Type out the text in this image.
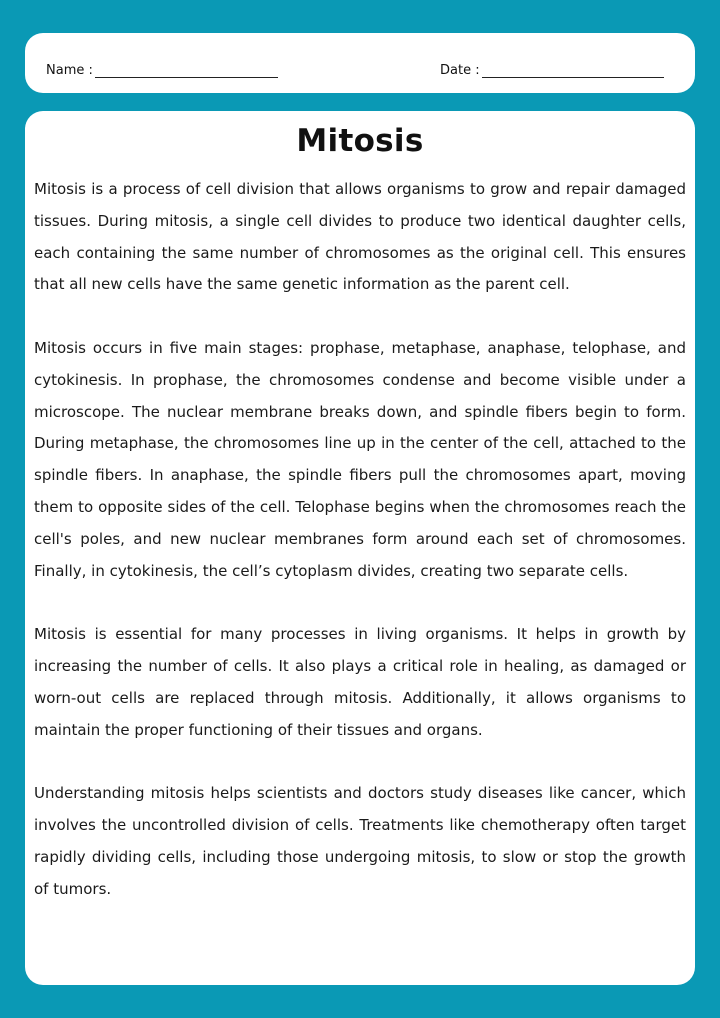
Name :	Date :
Mitosis

Mitosis is a process of cell division that allows organisms to grow and repair damaged tissues. During mitosis, a single cell divides to produce two identical daughter cells, each containing the same number of chromosomes as the original cell. This ensures that all new cells have the same genetic information as the parent cell.

Mitosis occurs in five main stages: prophase, metaphase, anaphase, telophase, and cytokinesis. In prophase, the chromosomes condense and become visible under a microscope. The nuclear membrane breaks down, and spindle fibers begin to form. During metaphase, the chromosomes line up in the center of the cell, attached to the spindle fibers. In anaphase, the spindle fibers pull the chromosomes apart, moving them to opposite sides of the cell. Telophase begins when the chromosomes reach the cell's poles, and new nuclear membranes form around each set of chromosomes. Finally, in cytokinesis, the cell’s cytoplasm divides, creating two separate cells.

Mitosis is essential for many processes in living organisms. It helps in growth by increasing the number of cells. It also plays a critical role in healing, as damaged or worn-out cells are replaced through mitosis. Additionally, it allows organisms to maintain the proper functioning of their tissues and organs.

Understanding mitosis helps scientists and doctors study diseases like cancer, which involves the uncontrolled division of cells. Treatments like chemotherapy often target rapidly dividing cells, including those undergoing mitosis, to slow or stop the growth of tumors.
